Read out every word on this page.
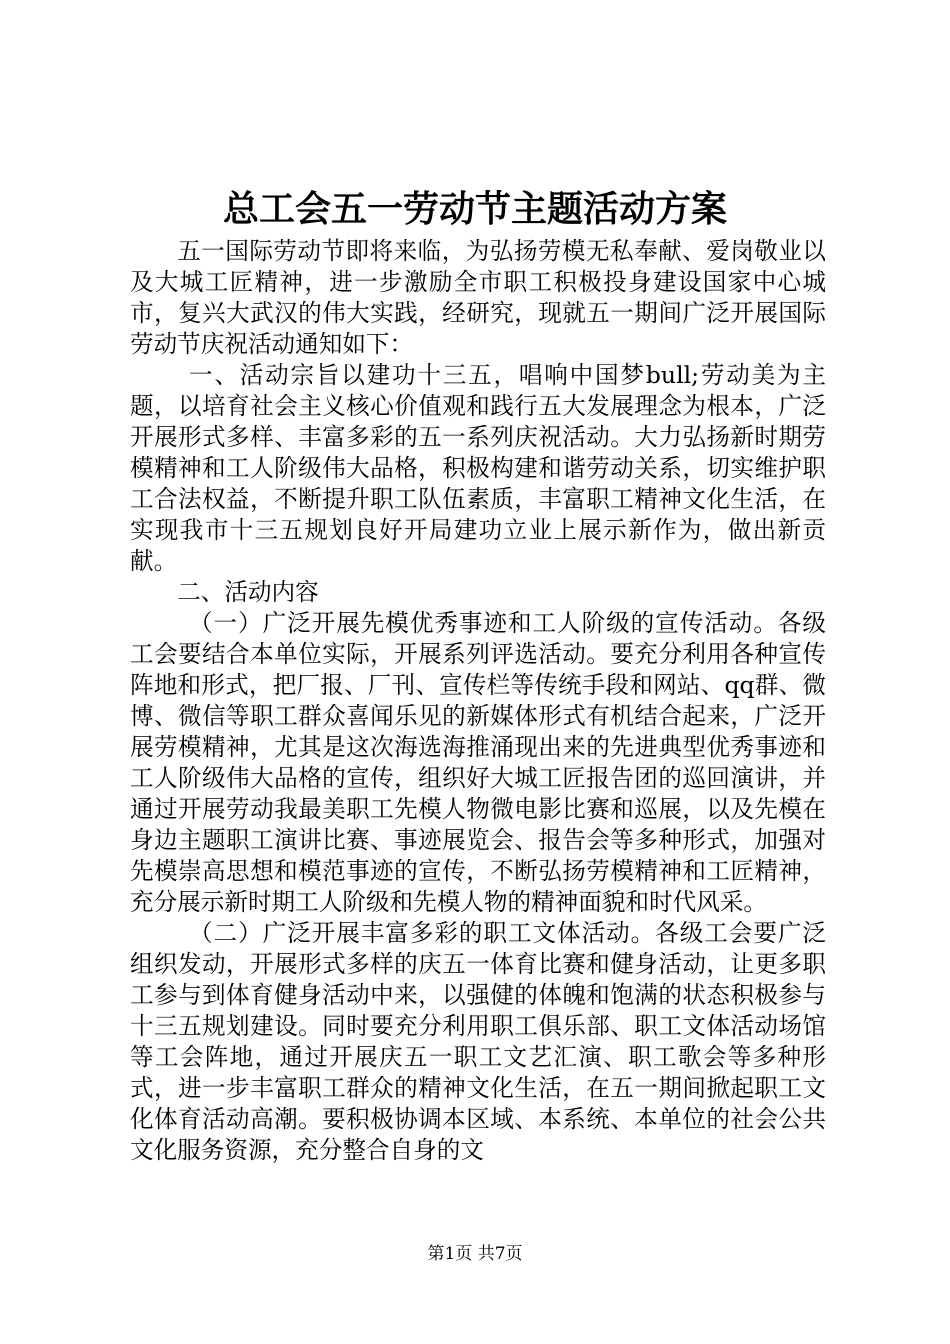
总工会五一劳动节主题活动方案

五一国际劳动节即将来临，为弘扬劳模无私奉献、爱岗敬业以及大城工匠精神，进一步激励全市职工积极投身建设国家中心城市，复兴大武汉的伟大实践，经研究，现就五一期间广泛开展国际劳动节庆祝活动通知如下：

一、活动宗旨以建功十三五，唱响中国梦bull;劳动美为主题，以培育社会主义核心价值观和践行五大发展理念为根本，广泛开展形式多样、丰富多彩的五一系列庆祝活动。大力弘扬新时期劳模精神和工人阶级伟大品格，积极构建和谐劳动关系，切实维护职工合法权益，不断提升职工队伍素质，丰富职工精神文化生活，在实现我市十三五规划良好开局建功立业上展示新作为，做出新贡献。

二、活动内容

（一）广泛开展先模优秀事迹和工人阶级的宣传活动。各级工会要结合本单位实际，开展系列评选活动。要充分利用各种宣传阵地和形式，把厂报、厂刊、宣传栏等传统手段和网站、qq群、微博、微信等职工群众喜闻乐见的新媒体形式有机结合起来，广泛开展劳模精神，尤其是这次海选海推涌现出来的先进典型优秀事迹和工人阶级伟大品格的宣传，组织好大城工匠报告团的巡回演讲，并通过开展劳动我最美职工先模人物微电影比赛和巡展，以及先模在身边主题职工演讲比赛、事迹展览会、报告会等多种形式，加强对先模崇高思想和模范事迹的宣传，不断弘扬劳模精神和工匠精神，充分展示新时期工人阶级和先模人物的精神面貌和时代风采。

（二）广泛开展丰富多彩的职工文体活动。各级工会要广泛组织发动，开展形式多样的庆五一体育比赛和健身活动，让更多职工参与到体育健身活动中来，以强健的体魄和饱满的状态积极参与十三五规划建设。同时要充分利用职工俱乐部、职工文体活动场馆等工会阵地，通过开展庆五一职工文艺汇演、职工歌会等多种形式，进一步丰富职工群众的精神文化生活，在五一期间掀起职工文化体育活动高潮。要积极协调本区域、本系统、本单位的社会公共文化服务资源，充分整合自身的文

第1页 共7页
